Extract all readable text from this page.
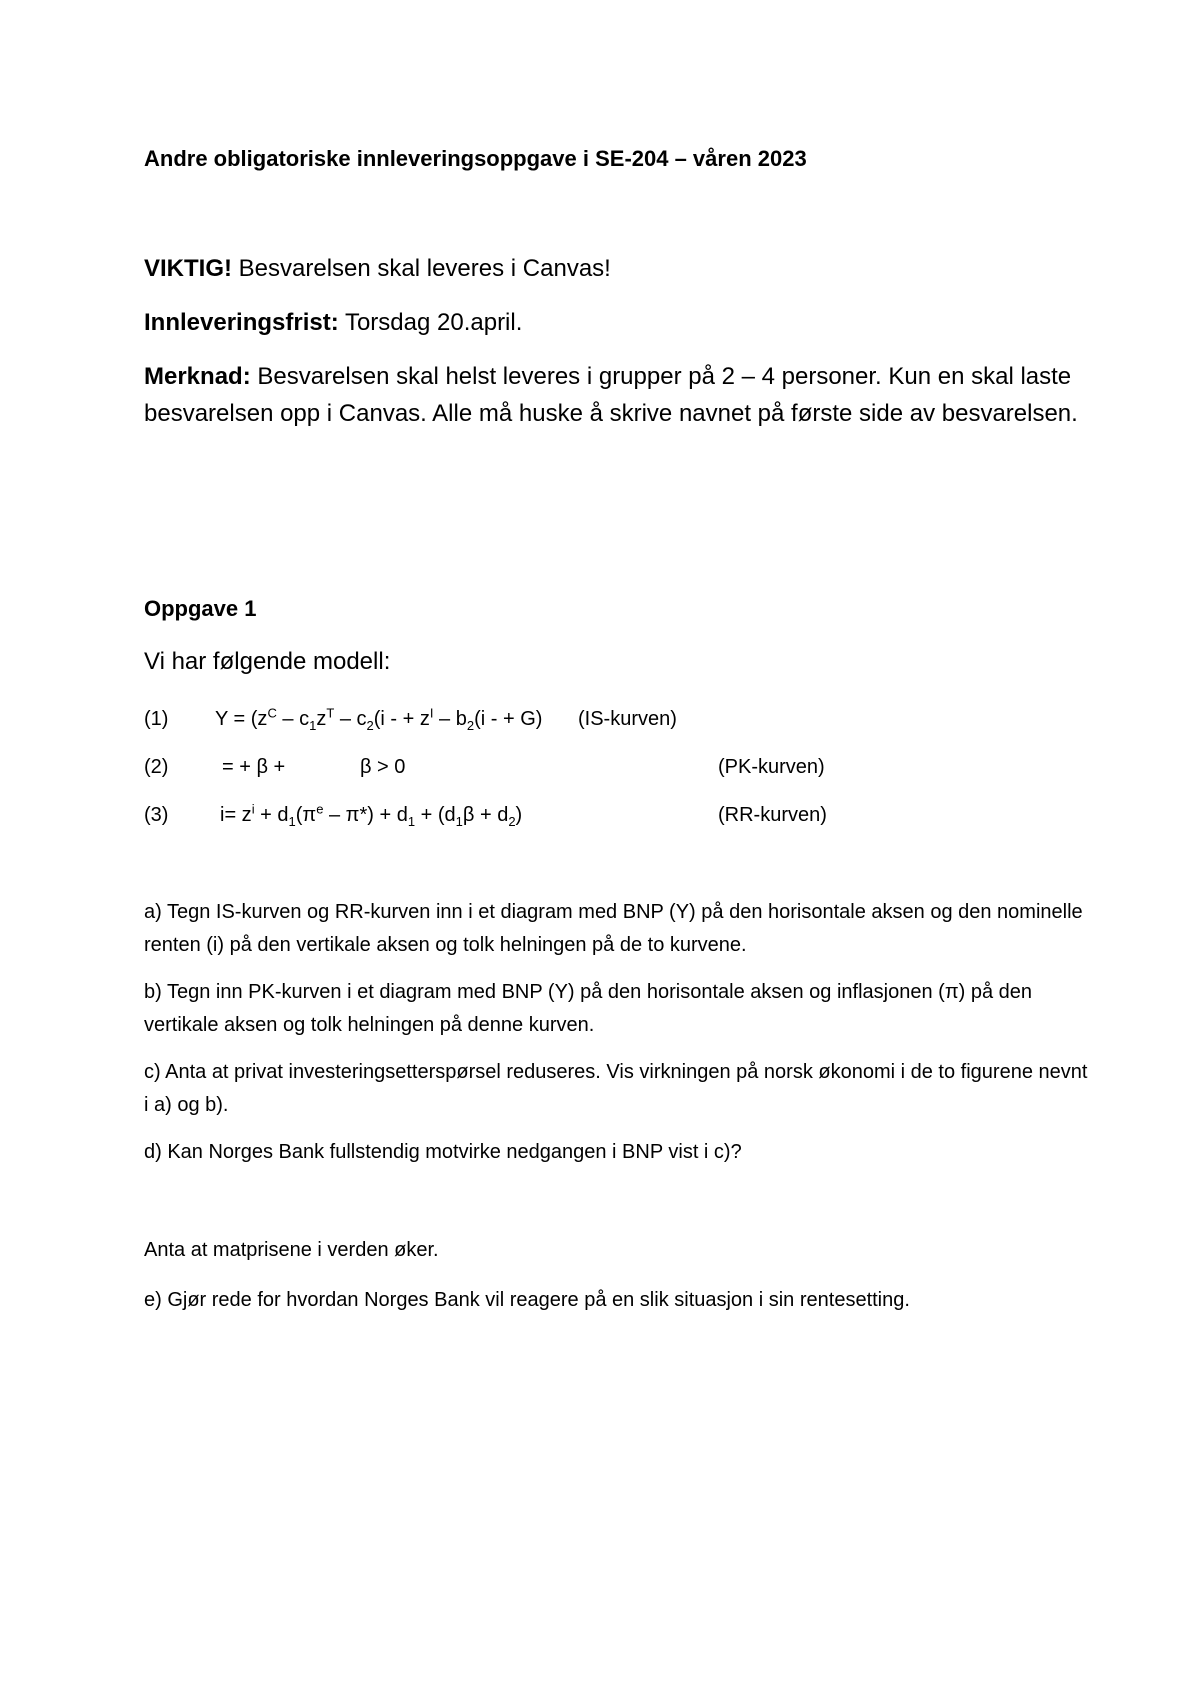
Andre obligatoriske innleveringsoppgave i SE-204 – våren 2023
VIKTIG! Besvarelsen skal leveres i Canvas!
Innleveringsfrist: Torsdag 20.april.
Merknad: Besvarelsen skal helst leveres i grupper på 2 – 4 personer. Kun en skal laste besvarelsen opp i Canvas. Alle må huske å skrive navnet på første side av besvarelsen.
Oppgave 1
Vi har følgende modell:
(1) $Y = (z^C - c_1z^T - c_2(i$ - + $z^I - b_2(i$ - + G) (IS-kurven)
(2)	= + β +	β > 0	(PK-kurven)
(3)	$i= z^i + d_1(\pi^e - \pi*) + d_1 + (d_1\beta + d_2)$	(RR-kurven)
a) Tegn IS-kurven og RR-kurven inn i et diagram med BNP (Y) på den horisontale aksen og den nominelle renten (i) på den vertikale aksen og tolk helningen på de to kurvene.
b) Tegn inn PK-kurven i et diagram med BNP (Y) på den horisontale aksen og inflasjonen (π) på den vertikale aksen og tolk helningen på denne kurven.
c) Anta at privat investeringsetterspørsel reduseres. Vis virkningen på norsk økonomi i de to figurene nevnt i a) og b).
d) Kan Norges Bank fullstendig motvirke nedgangen i BNP vist i c)?
Anta at matprisene i verden øker.
e) Gjør rede for hvordan Norges Bank vil reagere på en slik situasjon i sin rentesetting.
